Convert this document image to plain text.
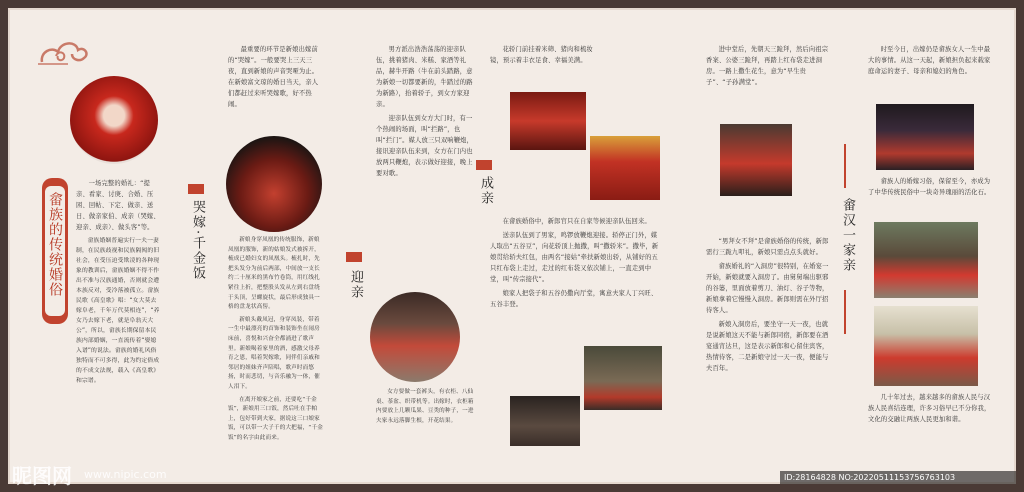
畲族的传统婚俗

一场完整的婚礼：“提亲、看家、讨庚、合婚、压困、回帖、下定、做亲、送日、做亲家伯、成亲（哭嫁、迎亲、成亲）、做头客”等。

畲族婚姻普遍实行一夫一妻制，在民族歧视和民族隔阂的旧社会，在受压迫受欺凌的各种现象的教训后，畲族婚姻不得不作出不准与汉族通婚，否则就会遭本族反对，受冷落被孤立。畲族民歌《高皇歌》唱：“女大莫去嫁阜老，千年万代莫相连”，“养女乃去嫁下老，就是阜翁天大公”，所以，畲族长期保留本民族内部婚姻，一直流传着“娶媳入谱”的说法。畲族的婚礼风俗独特而不可多得，此为约定俗成的不成文法规，载入《高皇歌》和宗谱。

最重要的环节是新娘出嫁前的“哭嫁”。一般要哭上三天三夜，直到新娘的声音哭哑为止。在新娘富文琼的婚日当天，亲人们都赶过来听哭嫁歌，好不热闹。

哭嫁·千金饭	新娘身穿凤凰的传统服饰，新娘凤凰的服饰，新的姑娘发式被拆开，梳成已婚妇女的凤凰头。梳扎时，先把头发分为前后两部，中间放一支长约二十厘米的黑布竹卷筒，用红线扎紧往上折，把整股头发从左到右盘绕于头顶，呈螺旋状，最后形成独具一格的盘龙状高髻。

新娘头戴凤冠，身穿凤装，带着一生中最漂亮的首饰和装饰坐在闹房床前，喜悦和兴奋全都涌进了歌声里。新娘喝着家里的酒，感激父母养育之恩，唱着哭嫁歌，同伴们亲戚和邻居的姐妹齐声陪唱，歌声时而悠扬，时而悲切，与音乐融为一体，催人泪下。

在离开娘家之前，还要吃“千金饭”，新娘用三口饭，然后吐在手帕上，包好带到夫家，据说这三口娘家饭，可以带一大子千的大把福，“千金饭”的名字由此而来。

男方派出浩浩荡荡的迎亲队伍，挑着猪肉、米糕、家酒等礼品，赫牛开路（牛在前头踏路，意为新娘一切都要新的，牛踏过的路为新路），抬着轿子，到女方家迎亲。

迎亲队伍到女方大门时，有一个热闹的场面，叫“拦路”，也叫“拦门”。媒人放三只双响鞭炮，接讯迎亲队伍来到，女方在门内也放两只鞭炮，表示做好迎接，晚上要对歌。

迎亲

女方要做一套裤头，有衣柜、八仙桌、茶盆、织带机等。出嫁时，衣柜箱内要放上几颗瓜果、豆类的种子，一进夫家永远落脚生根，开花结果。

花轿门前挂着米筛、猪肉和梳妆镜，预示着丰衣足食、幸福美满。

成亲

在畲族婚俗中，新郎官只在自家等候迎亲队伍回来。

送亲队伍到了男家，鸣锣放鞭炮迎接。轿停正门外，媒人取出“五谷豆”，向花轿顶上抛撒，叫“撒轿米”。撒毕，新娘贯给轿夫红包，由两名“接姑”牵扶新娘出轿，从铺好的五只红布袋上走过，走过的红布袋又依次铺上，一直走到中堂，叫“传宗接代”。

娘家人把袋子和五谷仍撒向厅堂，寓意夫家人丁兴旺、五谷丰登。

进中堂后，先朝天三跪拜，然后向祖宗香案、公婆三跪拜，再踏上红布袋走进洞房。一路上撒生花生，意为“早生贵子”、“子孙满堂”。

“男拜女不拜”是畲族婚俗的传统，新郎需行三跪九叩礼，新娘只需点点头就好。

畲族婚礼的“入洞房”很特别，在婚宴一开始，新娘就要入洞房了。由舅舅端出驱邪的谷篓，里面放着剪刀、油灯、谷子等物，新娘拿着它慢慢入洞房。新郎则需在外厅招待客人。

新娘入洞房后，要坐守一天一夜，也就是说新娘这天不能与新郎同宿，新郎要在酒宴通宵达旦，这是表示新郎和心留住宾客，热情待客，二是新娘守过一天一夜，便能与夫百年。

时至今日，出嫁仍是畲族女人一生中最大的事情。从这一天起，新娘担负起来载家庭命运的妻子、母亲和媳妇的角色。

畲族人的婚嫁习俗，保留至今，亦成为了中华传统民俗中一块奇异瑰丽的活化石。

畲汉一家亲

几十年过去，越来越多的畲族人民与汉族人民喜结连理，许多习俗早已不分你我，文化的交融让两族人民更加和谐。

昵图网 www.nipic.com	ID:28164828 NO:20220511153756763103
